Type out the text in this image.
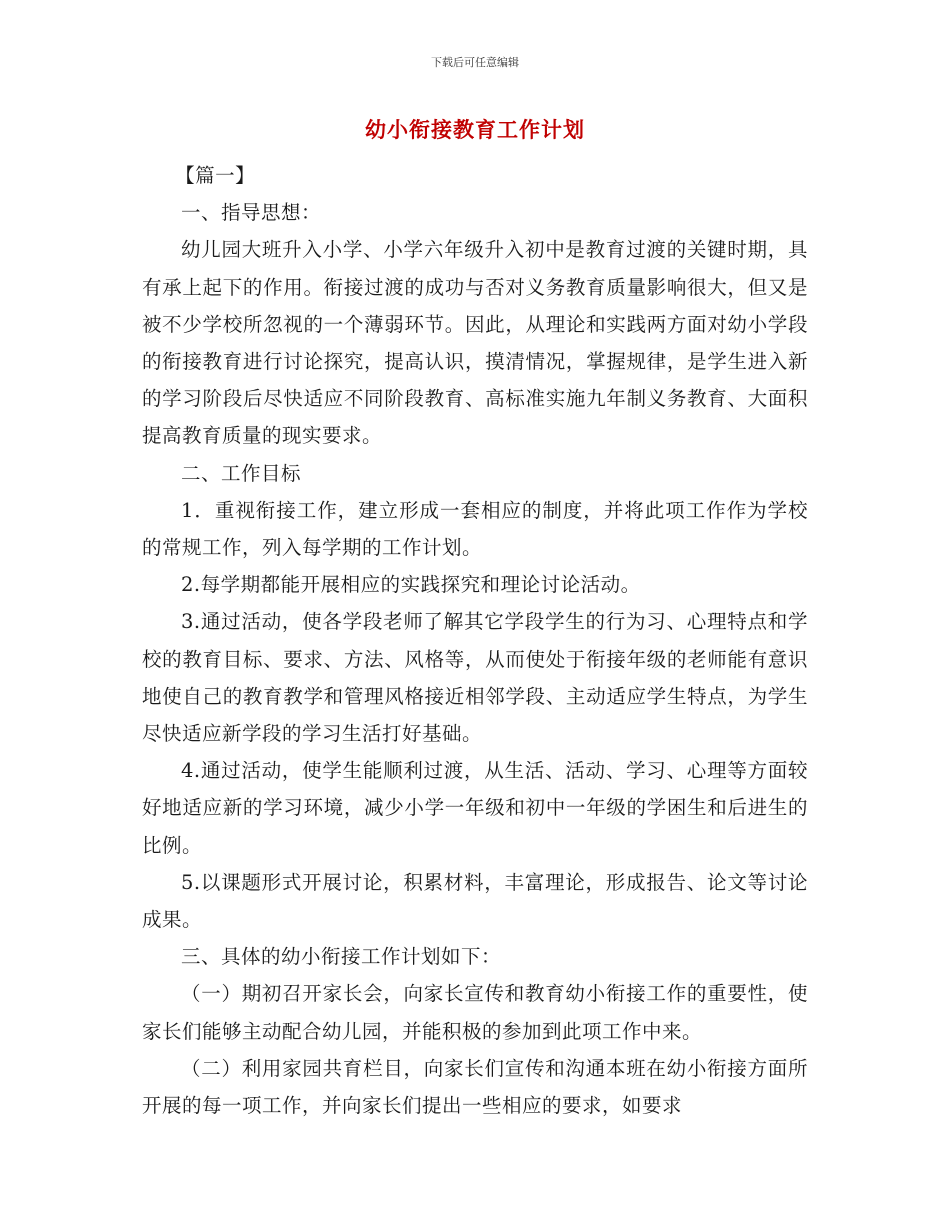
下载后可任意编辑
幼小衔接教育工作计划

【篇一】

一、指导思想：

幼儿园大班升入小学、小学六年级升入初中是教育过渡的关键时期，具有承上起下的作用。衔接过渡的成功与否对义务教育质量影响很大，但又是被不少学校所忽视的一个薄弱环节。因此，从理论和实践两方面对幼小学段的衔接教育进行讨论探究，提高认识，摸清情况，掌握规律，是学生进入新的学习阶段后尽快适应不同阶段教育、高标准实施九年制义务教育、大面积提高教育质量的现实要求。

二、工作目标

1．重视衔接工作，建立形成一套相应的制度，并将此项工作作为学校的常规工作，列入每学期的工作计划。

2.每学期都能开展相应的实践探究和理论讨论活动。

3.通过活动，使各学段老师了解其它学段学生的行为习、心理特点和学校的教育目标、要求、方法、风格等，从而使处于衔接年级的老师能有意识地使自己的教育教学和管理风格接近相邻学段、主动适应学生特点，为学生尽快适应新学段的学习生活打好基础。

4.通过活动，使学生能顺利过渡，从生活、活动、学习、心理等方面较好地适应新的学习环境，减少小学一年级和初中一年级的学困生和后进生的比例。

5.以课题形式开展讨论，积累材料，丰富理论，形成报告、论文等讨论成果。

三、具体的幼小衔接工作计划如下：

（一）期初召开家长会，向家长宣传和教育幼小衔接工作的重要性，使家长们能够主动配合幼儿园，并能积极的参加到此项工作中来。

（二）利用家园共育栏目，向家长们宣传和沟通本班在幼小衔接方面所开展的每一项工作，并向家长们提出一些相应的要求，如要求
